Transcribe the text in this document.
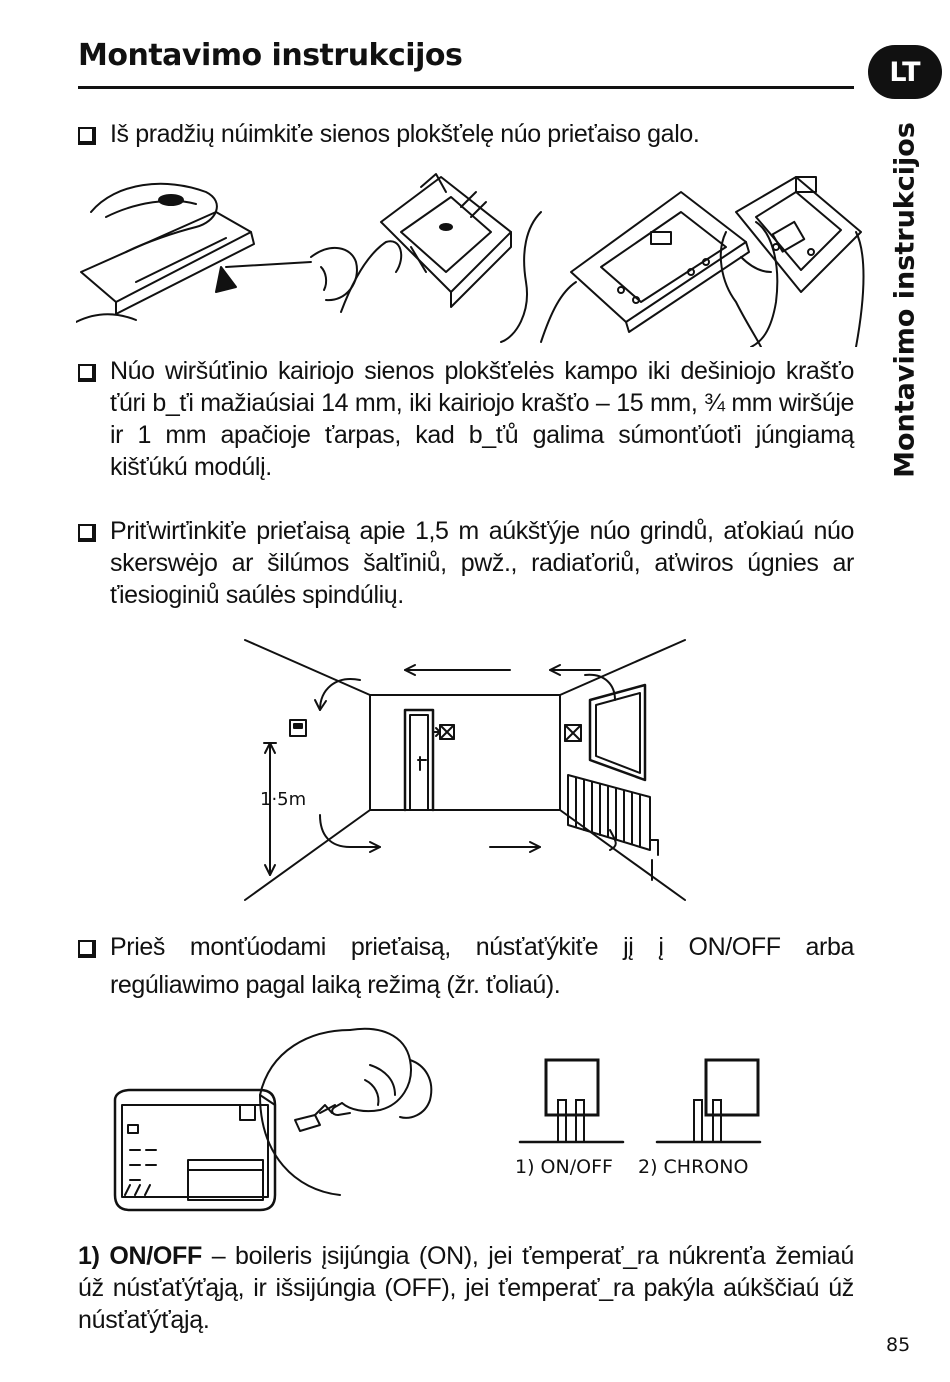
Montavimo instrukcijos	LT
Montavimo instrukcijos
Iš pradžių núimkiťe sienos plokšťelę núo prieťaiso galo.
Núo wiršúťinio kairiojo sienos plokšťelės kampo iki dešiniojo krašťo ťúri b_ťi mažiaúsiai 14 mm, iki kairiojo krašťo – 15 mm, ¾ mm wiršúje ir 1 mm apačioje ťarpas, kad b_ťů galima súmonťúoťi júngiamą kišťúkú modúlį.
Priťwirťinkiťe prieťaisą apie 1,5 m aúkšťýje núo grindů, aťokiaú núo skerswėjo ar šilúmos šalťiniů, pwž., radiaťoriů, aťwiros úgnies ar ťiesioginiů saúlės spindúlių.
1·5m
Prieš monťúodami prieťaisą, núsťaťýkiťe jį į ON/OFF arba regúliawimo pagal laiką režimą (žr. ťoliaú).
1) ON/OFF 2) CHRONO
1) ON/OFF – boileris įsijúngia (ON), jei ťemperať_ra núkrenťa žemiaú úž núsťaťýťąją, ir išsijúngia (OFF), jei ťemperať_ra pakýla aúkščiaú úž núsťaťýťąją.
85
